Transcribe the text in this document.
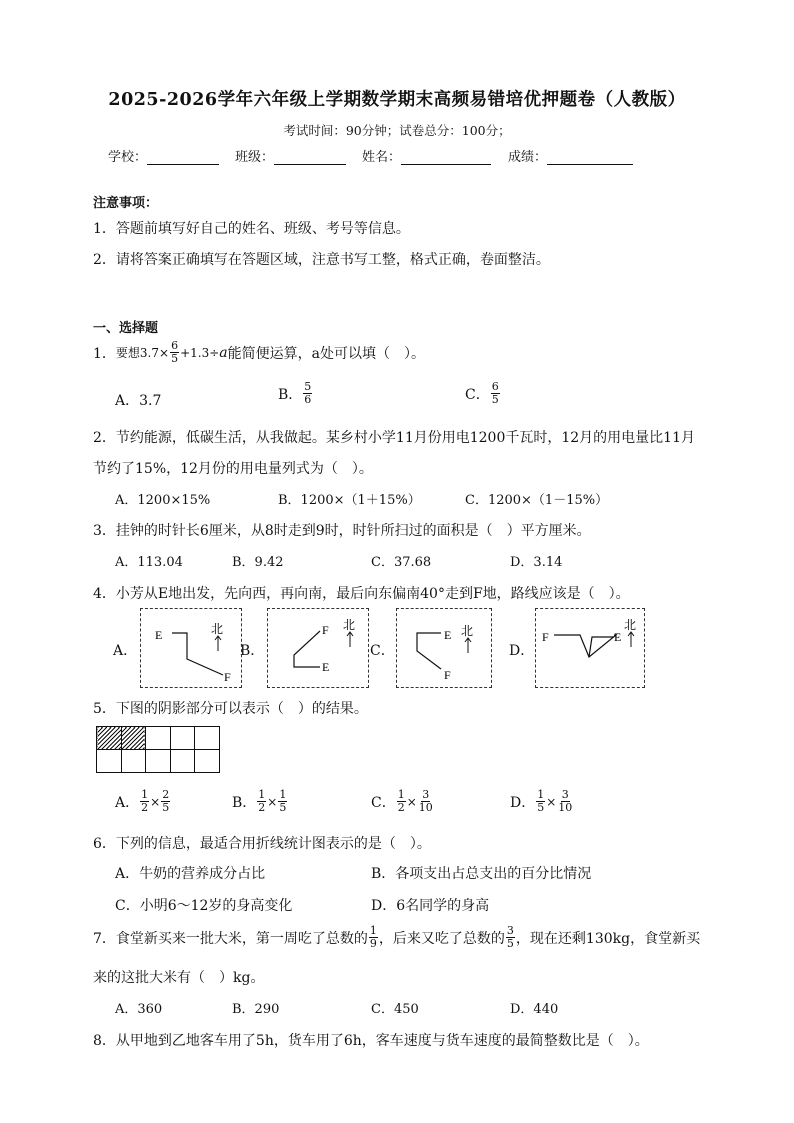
2025-2026学年六年级上学期数学期末高频易错培优押题卷（人教版）
考试时间：90分钟；试卷总分：100分；
学校：	班级：	姓名：	成绩：
注意事项：
1．答题前填写好自己的姓名、班级、考号等信息。
2．请将答案正确填写在答题区域，注意书写工整，格式正确，卷面整洁。
一、选择题
1． 要想$3.7\times \frac{6}{5} +1.3\div a$ 能简便运算，a处可以填（　）。
A．3.7	B． $\frac{5}{6}$	C． $\frac{6}{5}$
2．节约能源，低碳生活，从我做起。某乡村小学11月份用电1200千瓦时，12月的用电量比11月
节约了15%，12月份的用电量列式为（　）。
A．1200×15%	B．1200×（1＋15%）	C．1200×（1－15%）
3．挂钟的时针长6厘米，从8时走到9时，时针所扫过的面积是（　）平方厘米。
A．113.04	B．9.42	C．37.68	D．3.14
4．小芳从E地出发，先向西，再向南，最后向东偏南40°走到F地，路线应该是（　）。
A．
E
F
北
B．
F
E
北
C．
E
F
北
D．
F	E
北
5．下图的阴影部分可以表示（　）的结果。

A． $\frac{1}{2} \times \frac{2}{5}$	B． $\frac{1}{2} \times \frac{1}{5}$	C． $\frac{1}{2} \times \frac{3}{10}$	D． $\frac{1}{5} \times \frac{3}{10}$
6．下列的信息，最适合用折线统计图表示的是（　）。
A．牛奶的营养成分占比	B．各项支出占总支出的百分比情况
C．小明6～12岁的身高变化	D．6名同学的身高
7．食堂新买来一批大米，第一周吃了总数的 $\frac{1}{9}$ ，后来又吃了总数的 $\frac{3}{5}$ ，现在还剩130kg，食堂新买
来的这批大米有（　）kg。
A．360	B．290	C．450	D．440
8．从甲地到乙地客车用了5h，货车用了6h，客车速度与货车速度的最简整数比是（　）。
